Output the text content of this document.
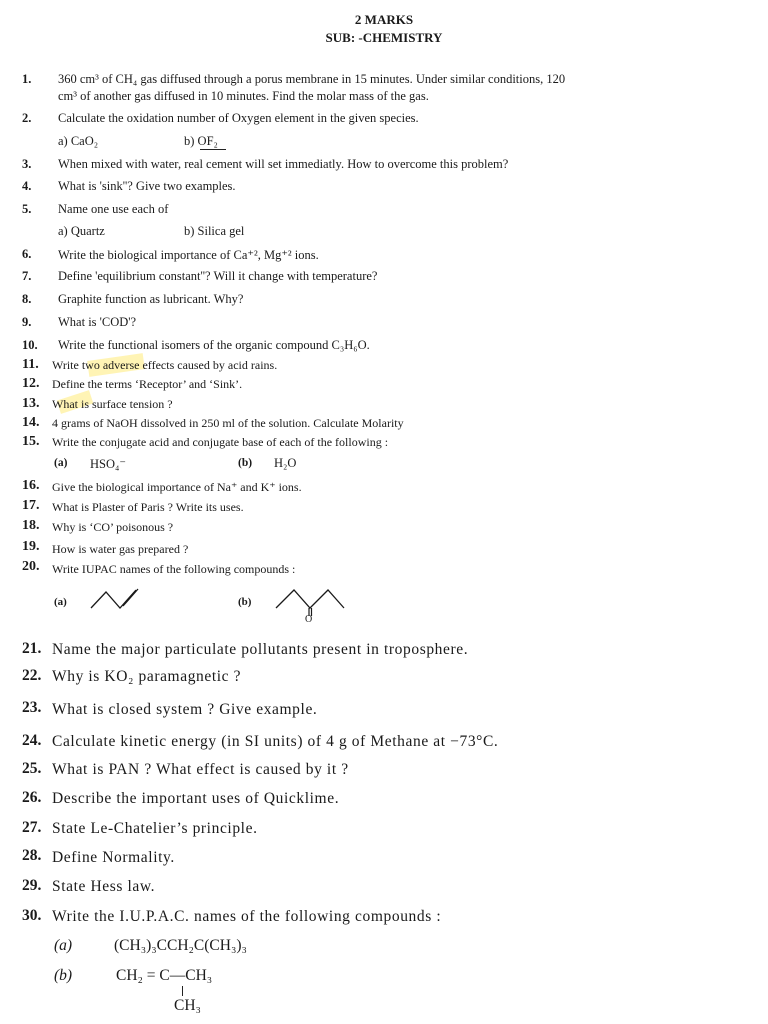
2 MARKS
SUB: -CHEMISTRY
1. 360 cm³ of CH₄ gas diffused through a porus membrane in 15 minutes. Under similar conditions, 120
cm³ of another gas diffused in 10 minutes. Find the molar mass of the gas.
2. Calculate the oxidation number of Oxygen element in the given species.
a) CaO₂	b) OF₂
3. When mixed with water, real cement will set immediatly. How to overcome this problem?
4. What is 'sink''? Give two examples.
5. Name one use each of
a) Quartz	b) Silica gel
6. Write the biological importance of Ca⁺², Mg⁺² ions.
7. Define 'equilibrium constant''? Will it change with temperature?
8. Graphite function as lubricant. Why?
9. What is 'COD'?
10. Write the functional isomers of the organic compound C₃H₆O.
11. Write two adverse effects caused by acid rains.
12. Define the terms ‘Receptor’ and ‘Sink’.
13. What is surface tension ?
14. 4 grams of NaOH dissolved in 250 ml of the solution. Calculate Molarity
15. Write the conjugate acid and conjugate base of each of the following :
(a) HSO₄⁻	(b) H₂O
16. Give the biological importance of Na⁺ and K⁺ ions.
17. What is Plaster of Paris ? Write its uses.
18. Why is ‘CO’ poisonous ?
19. How is water gas prepared ?
20. Write IUPAC names of the following compounds :
(a)	(b)
O
21. Name the major particulate pollutants present in troposphere.
22. Why is KO₂ paramagnetic ?
23. What is closed system ? Give example.
24. Calculate kinetic energy (in SI units) of 4 g of Methane at −73°C.
25. What is PAN ? What effect is caused by it ?
26. Describe the important uses of Quicklime.
27. State Le-Chatelier’s principle.
28. Define Normality.
29. State Hess law.
30. Write the I.U.P.A.C. names of the following compounds :
(a)	(CH₃)₃CCH₂C(CH₃)₃
(b)	CH₂ = C—CH₃
CH₃
